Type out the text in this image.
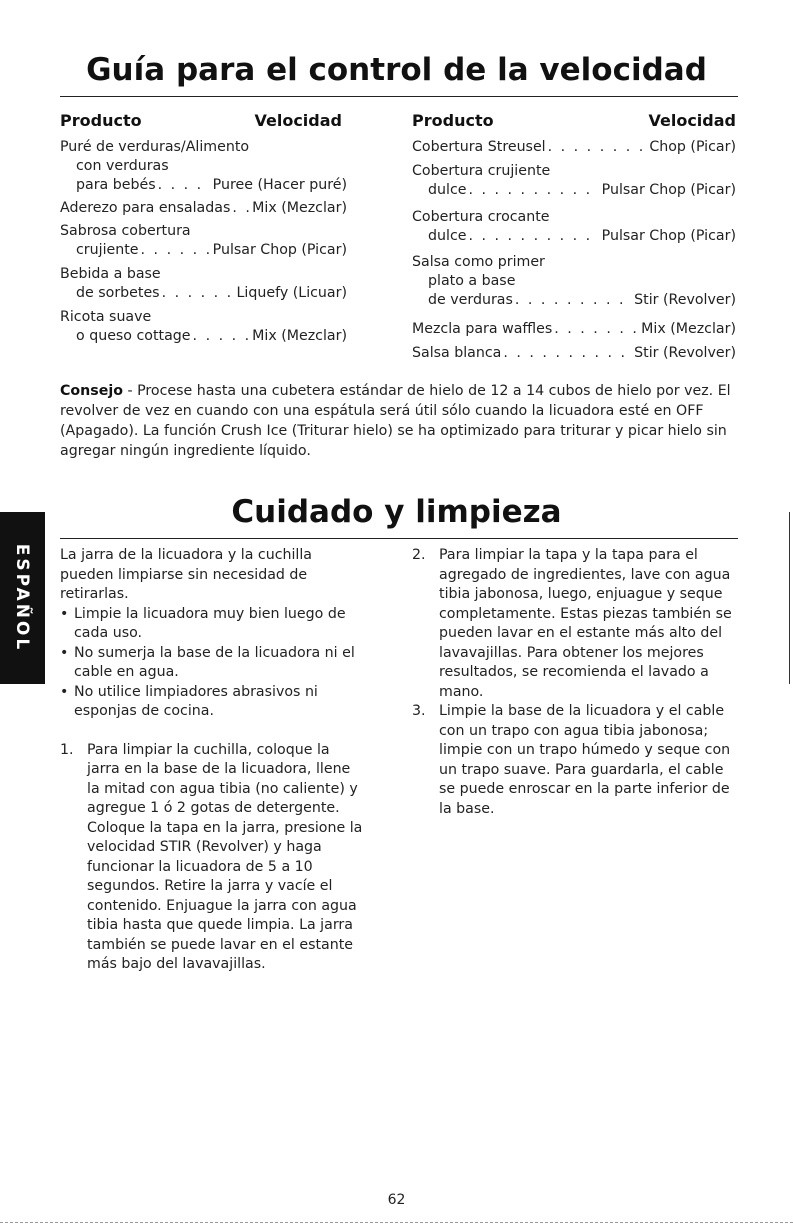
Guía para el control de la velocidad
Producto	Velocidad	Producto	Velocidad
Puré de verduras/Alimento
con verduras
para bebés . . .	Puree (Hacer puré)
Aderezo para ensaladas . . . Mix (Mezclar)
Sabrosa cobertura
crujiente . . .	Pulsar Chop (Picar)
Bebida a base
de sorbetes . . .	Liquefy (Licuar)
Ricota suave
o queso cottage . . .	Mix (Mezclar)
Cobertura Streusel . . .	Chop (Picar)
Cobertura crujiente
dulce . . .	Pulsar Chop (Picar)
Cobertura crocante
dulce . . .	Pulsar Chop (Picar)
Salsa como primer
plato a base
de verduras . . .	Stir (Revolver)
Mezcla para waffles . . .	Mix (Mezclar)
Salsa blanca . . .	Stir (Revolver)
Consejo - Procese hasta una cubetera estándar de hielo de 12 a 14 cubos de hielo por vez. El revolver de vez en cuando con una espátula será útil sólo cuando la licuadora esté en OFF (Apagado). La función Crush Ice (Triturar hielo) se ha optimizado para triturar y picar hielo sin agregar ningún ingrediente líquido.
Cuidado y limpieza
ESPAÑOL La jarra de la licuadora y la cuchilla pueden limpiarse sin necesidad de retirarlas.

• Limpie la licuadora muy bien luego de cada uso.
• No sumerja la base de la licuadora ni el cable en agua.
• No utilice limpiadores abrasivos ni esponjas de cocina.
1. Para limpiar la cuchilla, coloque la jarra en la base de la licuadora, llene la mitad con agua tibia (no caliente) y agregue 1 ó 2 gotas de detergente. Coloque la tapa en la jarra, presione la velocidad STIR (Revolver) y haga funcionar la licuadora de 5 a 10 segundos. Retire la jarra y vacíe el contenido. Enjuague la jarra con agua tibia hasta que quede limpia. La jarra también se puede lavar en el estante más bajo del lavavajillas.
2. Para limpiar la tapa y la tapa para el agregado de ingredientes, lave con agua tibia jabonosa, luego, enjuague y seque completamente. Estas piezas también se pueden lavar en el estante más alto del lavavajillas. Para obtener los mejores resultados, se recomienda el lavado a mano.
3. Limpie la base de la licuadora y el cable con un trapo con agua tibia jabonosa; limpie con un trapo húmedo y seque con un trapo suave. Para guardarla, el cable se puede enroscar en la parte inferior de la base.
62
